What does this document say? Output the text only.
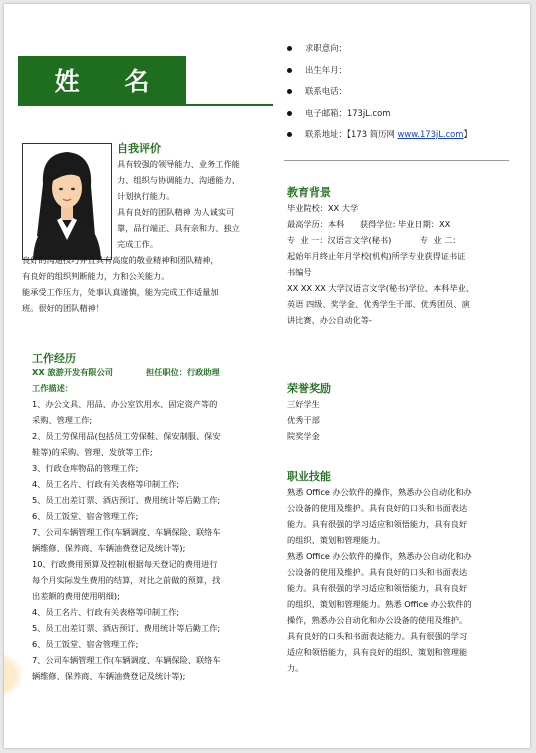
姓 名
自我评价

具有较强的领导能力、业务工作能
力、组织与协调能力、沟通能力、
计划执行能力。
具有良好的团队精神 为人诚实可
靠，品行端正、具有亲和力、独立
完成工作。

良好的沟通技巧并且具有高度的敬业精神和团队精神，
有良好的组织判断能力，力和公关能力。
能承受工作压力，处事认真谨慎，能为完成工作适量加
班。很好的团队精神！

工作经历
XX 旅游开发有限公司	担任职位：行政助理
工作描述：

1、办公文具、用品、办公室饮用水、固定资产等的
采购、管理工作;
2、员工劳保用品(包括员工劳保鞋、保安制服、保安
鞋等)的采购、管理、发放等工作;
3、行政仓库物品的管理工作;
4、员工名片、行政有关表格等印制工作;
5、员工出差订票、酒店预订、费用统计等后勤工作;
6、员工饭堂、宿舍管理工作;
7、公司车辆管理工作(车辆调度、车辆保险、联络车
辆维修、保养商、车辆油费登记及统计等);
10、行政费用预算及控制(根据每天登记的费用进行
每个月实际发生费用的结算，对比之前做的预算，找
出差额的费用使用明细);
4、员工名片、行政有关表格等印制工作;
5、员工出差订票、酒店预订、费用统计等后勤工作;
6、员工饭堂、宿舍管理工作;
7、公司车辆管理工作(车辆调度、车辆保险、联络车
辆维修、保养商、车辆油费登记及统计等);

求职意向：
出生年月：
联系电话：
电子邮箱：173jL.com
联系地址：【173 简历网 www.173jL.com】
教育背景

毕业院校：XX 大学
最高学历：本科      获得学位: 毕业日期：XX
专  业 一：汉语言文学(秘书)           专  业 二：
起始年月终止年月学校(机构)所学专业获得证书证
书编号
XX XX XX 大学汉语言文学(秘书)学位、本科毕业、
英语 四级、奖学金、优秀学生干部、优秀团员、演
讲比赛、办公自动化等-

荣誉奖励

三好学生
优秀干部
院奖学金

职业技能

熟悉 Office 办公软件的操作，熟悉办公自动化和办
公设备的使用及维护。具有良好的口头和书面表达
能力。具有很强的学习适应和领悟能力，具有良好
的组织、策划和管理能力。
熟悉 Office 办公软件的操作，熟悉办公自动化和办
公设备的使用及维护。具有良好的口头和书面表达
能力。具有很强的学习适应和领悟能力，具有良好
的组织、策划和管理能力。熟悉 Office 办公软件的
操作，熟悉办公自动化和办公设备的使用及维护。
具有良好的口头和书面表达能力。具有很强的学习
适应和领悟能力，具有良好的组织、策划和管理能
力。
